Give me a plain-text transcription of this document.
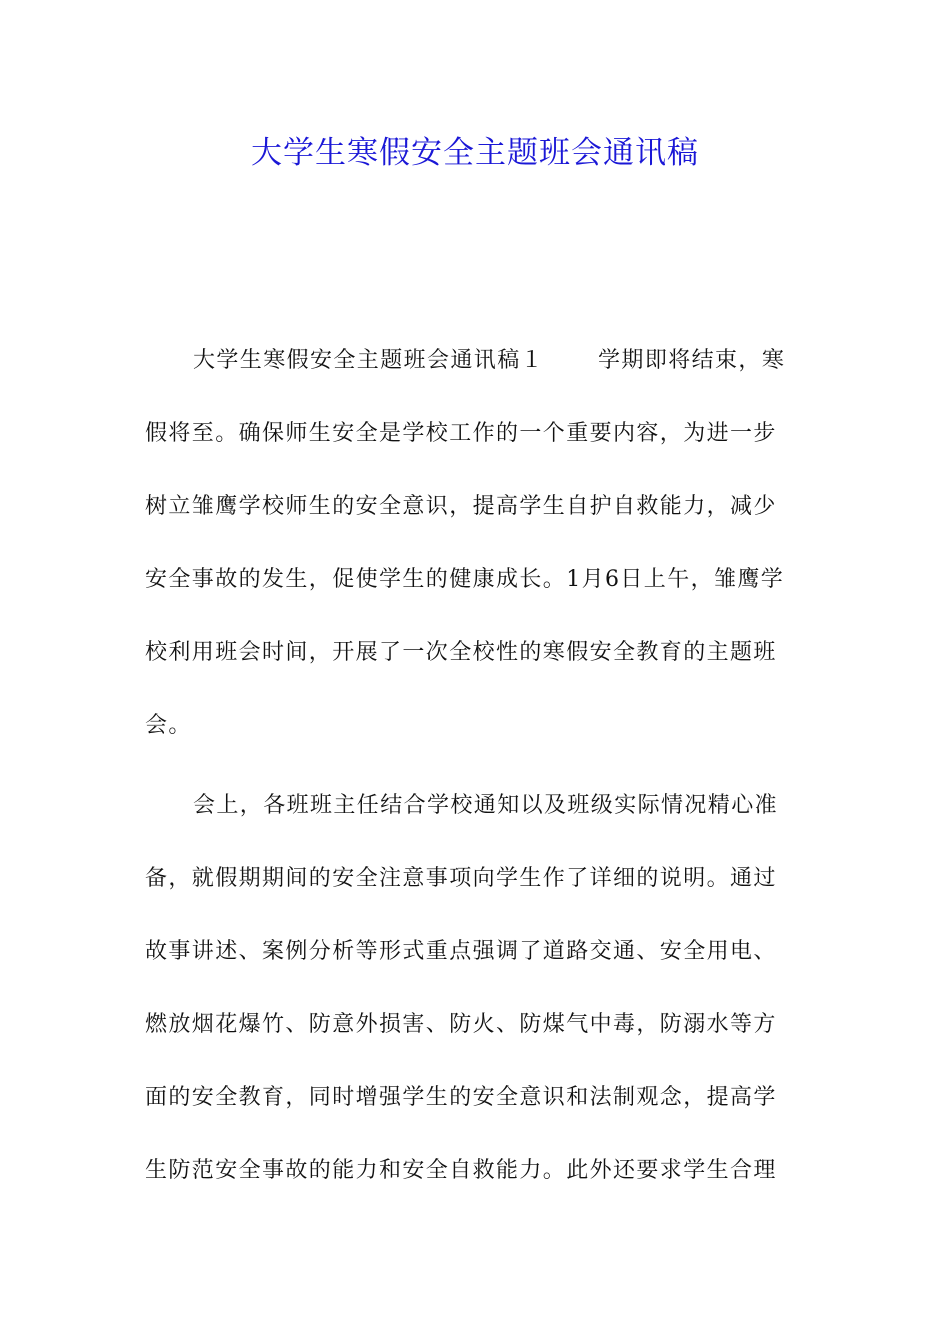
大学生寒假安全主题班会通讯稿
大学生寒假安全主题班会通讯稿１ 学期即将结束，寒
假将至。确保师生安全是学校工作的一个重要内容，为进一步
树立雏鹰学校师生的安全意识，提高学生自护自救能力，减少
安全事故的发生，促使学生的健康成长。1月6日上午，雏鹰学
校利用班会时间，开展了一次全校性的寒假安全教育的主题班
会。
会上，各班班主任结合学校通知以及班级实际情况精心准
备，就假期期间的安全注意事项向学生作了详细的说明。通过
故事讲述、案例分析等形式重点强调了道路交通、安全用电、
燃放烟花爆竹、防意外损害、防火、防煤气中毒，防溺水等方
面的安全教育，同时增强学生的安全意识和法制观念，提高学
生防范安全事故的能力和安全自救能力。此外还要求学生合理
